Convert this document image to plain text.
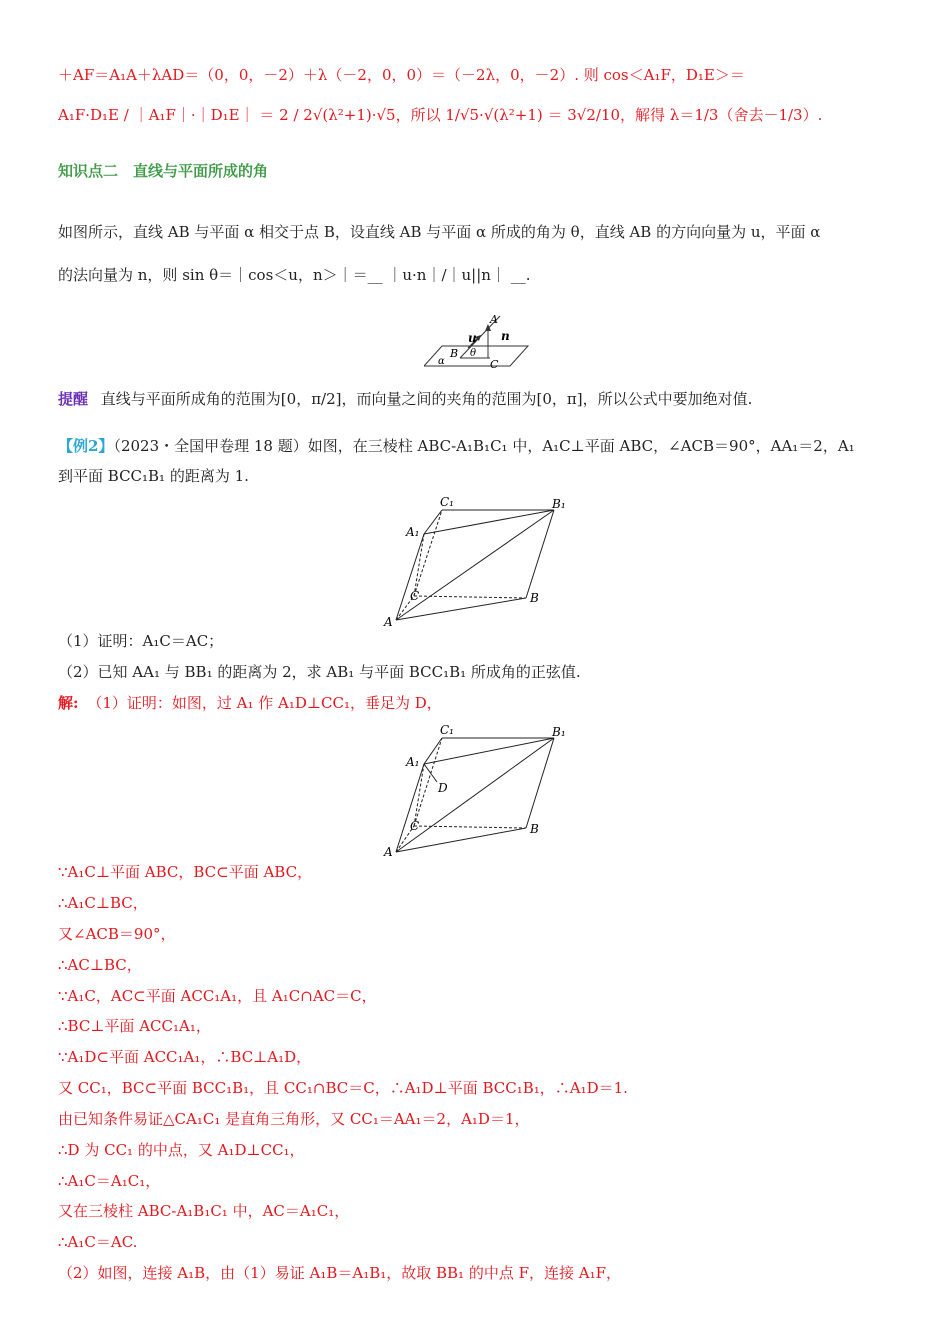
＋AF＝A₁A＋λAD＝（0，0，－2）＋λ（－2，0，0）＝（－2λ，0，－2）. 则 cos＜A₁F，D₁E＞＝
A₁F·D₁E / ｜A₁F｜·｜D₁E｜ ＝ 2 / 2√(λ²+1)·√5，所以 1/√5·√(λ²+1) ＝ 3√2/10，解得 λ＝1/3（舍去－1/3）.
知识点二　直线与平面所成的角
如图所示，直线 AB 与平面 α 相交于点 B，设直线 AB 与平面 α 所成的角为 θ，直线 AB 的方向向量为 u，平面 α
的法向量为 n，则 sin θ＝｜cos＜u，n＞｜＝__ ｜u·n｜/｜u||n｜ __.
A
n
u
B θ
α	C
提醒 直线与平面所成角的范围为[0，π/2]，而向量之间的夹角的范围为[0，π]，所以公式中要加绝对值.
【例2】（2023・全国甲卷理 18 题）如图，在三棱柱 ABC-A₁B₁C₁ 中，A₁C⊥平面 ABC，∠ACB＝90°，AA₁＝2，A₁
到平面 BCC₁B₁ 的距离为 1.
C₁	B₁
A₁
C	B
A
（1）证明：A₁C＝AC；
（2）已知 AA₁ 与 BB₁ 的距离为 2，求 AB₁ 与平面 BCC₁B₁ 所成角的正弦值.
解: （1）证明：如图，过 A₁ 作 A₁D⊥CC₁，垂足为 D，
C₁	B₁
A₁
D
C	B
A
∵A₁C⊥平面 ABC，BC⊂平面 ABC，
∴A₁C⊥BC，
又∠ACB＝90°，
∴AC⊥BC，
∵A₁C，AC⊂平面 ACC₁A₁，且 A₁C∩AC＝C，
∴BC⊥平面 ACC₁A₁，
∵A₁D⊂平面 ACC₁A₁，∴BC⊥A₁D，
又 CC₁，BC⊂平面 BCC₁B₁，且 CC₁∩BC＝C，∴A₁D⊥平面 BCC₁B₁，∴A₁D＝1.
由已知条件易证△CA₁C₁ 是直角三角形，又 CC₁＝AA₁＝2，A₁D＝1，
∴D 为 CC₁ 的中点，又 A₁D⊥CC₁，
∴A₁C＝A₁C₁，
又在三棱柱 ABC-A₁B₁C₁ 中，AC＝A₁C₁，
∴A₁C＝AC.
（2）如图，连接 A₁B，由（1）易证 A₁B＝A₁B₁，故取 BB₁ 的中点 F，连接 A₁F，
